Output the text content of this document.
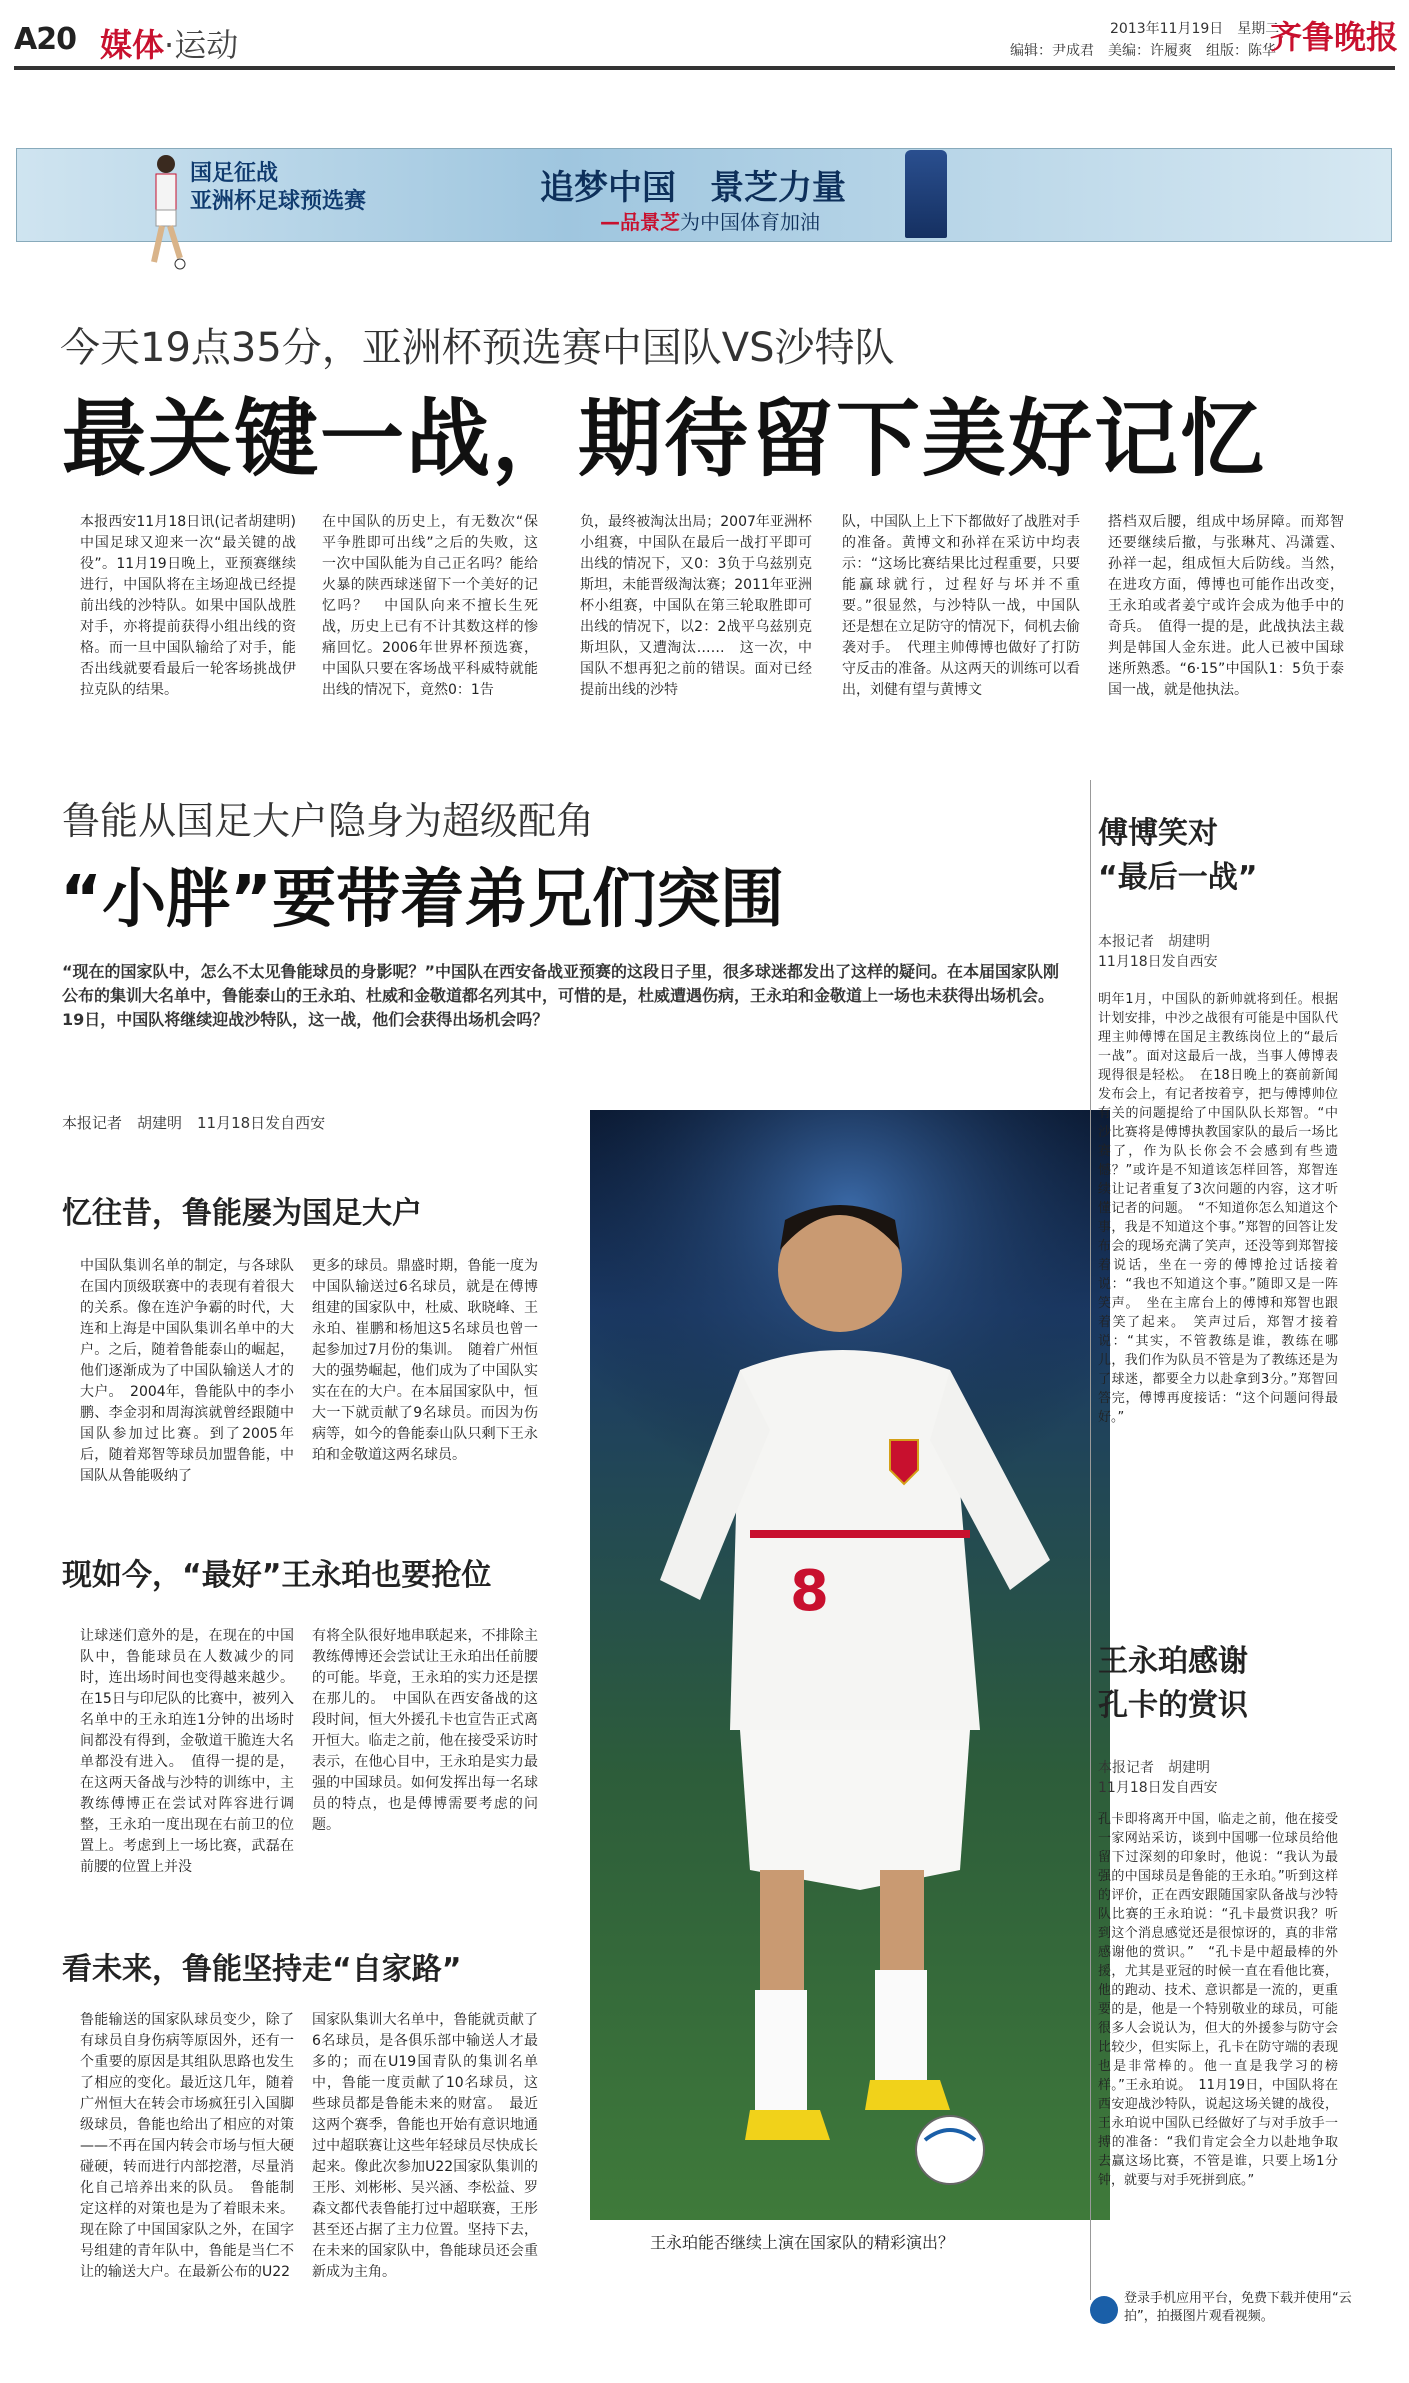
A20 媒体·运动	2013年11月19日　星期二
编辑：尹成君　美编：许履爽　组版：陈华
齐鲁晚报
国足征战
亚洲杯足球预选赛	追梦中国　景芝力量
—品景芝为中国体育加油
今天19点35分，亚洲杯预选赛中国队VS沙特队
最关键一战，期待留下美好记忆
本报西安11月18日讯(记者胡建明)　中国足球又迎来一次“最关键的战役”。11月19日晚上，亚预赛继续进行，中国队将在主场迎战已经提前出线的沙特队。如果中国队战胜对手，亦将提前获得小组出线的资格。而一旦中国队输给了对手，能否出线就要看最后一轮客场挑战伊拉克队的结果。
在中国队的历史上，有无数次“保平争胜即可出线”之后的失败，这一次中国队能为自己正名吗？能给火暴的陕西球迷留下一个美好的记忆吗？　中国队向来不擅长生死战，历史上已有不计其数这样的惨痛回忆。2006年世界杯预选赛，中国队只要在客场战平科威特就能出线的情况下，竟然0：1告
负，最终被淘汰出局；2007年亚洲杯小组赛，中国队在最后一战打平即可出线的情况下，又0：3负于乌兹别克斯坦，未能晋级淘汰赛；2011年亚洲杯小组赛，中国队在第三轮取胜即可出线的情况下，以2：2战平乌兹别克斯坦队，又遭淘汰……　这一次，中国队不想再犯之前的错误。面对已经提前出线的沙特
队，中国队上上下下都做好了战胜对手的准备。黄博文和孙祥在采访中均表示：“这场比赛结果比过程重要，只要能赢球就行，过程好与坏并不重要。”很显然，与沙特队一战，中国队还是想在立足防守的情况下，伺机去偷袭对手。　代理主帅傅博也做好了打防守反击的准备。从这两天的训练可以看出，刘健有望与黄博文
搭档双后腰，组成中场屏障。而郑智还要继续后撤，与张琳芃、冯潇霆、孙祥一起，组成恒大后防线。当然，在进攻方面，傅博也可能作出改变，王永珀或者姜宁或许会成为他手中的奇兵。　值得一提的是，此战执法主裁判是韩国人金东进。此人已被中国球迷所熟悉。“6·15”中国队1：5负于泰国一战，就是他执法。
鲁能从国足大户隐身为超级配角
“小胖”要带着弟兄们突围
“现在的国家队中，怎么不太见鲁能球员的身影呢？”中国队在西安备战亚预赛的这段日子里，很多球迷都发出了这样的疑问。在本届国家队刚公布的集训大名单中，鲁能泰山的王永珀、杜威和金敬道都名列其中，可惜的是，杜威遭遇伤病，王永珀和金敬道上一场也未获得出场机会。19日，中国队将继续迎战沙特队，这一战，他们会获得出场机会吗？
本报记者　胡建明　11月18日发自西安
忆往昔，鲁能屡为国足大户
中国队集训名单的制定，与各球队在国内顶级联赛中的表现有着很大的关系。像在连沪争霸的时代，大连和上海是中国队集训名单中的大户。之后，随着鲁能泰山的崛起，他们逐渐成为了中国队输送人才的大户。　2004年，鲁能队中的李小鹏、李金羽和周海滨就曾经跟随中国队参加过比赛。到了2005年后，随着郑智等球员加盟鲁能，中国队从鲁能吸纳了
更多的球员。鼎盛时期，鲁能一度为中国队输送过6名球员，就是在傅博组建的国家队中，杜威、耿晓峰、王永珀、崔鹏和杨旭这5名球员也曾一起参加过7月份的集训。　随着广州恒大的强势崛起，他们成为了中国队实实在在的大户。在本届国家队中，恒大一下就贡献了9名球员。而因为伤病等，如今的鲁能泰山队只剩下王永珀和金敬道这两名球员。
现如今，“最好”王永珀也要抢位
让球迷们意外的是，在现在的中国队中，鲁能球员在人数减少的同时，连出场时间也变得越来越少。在15日与印尼队的比赛中，被列入名单中的王永珀连1分钟的出场时间都没有得到，金敬道干脆连大名单都没有进入。　值得一提的是，在这两天备战与沙特的训练中，主教练傅博正在尝试对阵容进行调整，王永珀一度出现在右前卫的位置上。考虑到上一场比赛，武磊在前腰的位置上并没
有将全队很好地串联起来，不排除主教练傅博还会尝试让王永珀出任前腰的可能。毕竟，王永珀的实力还是摆在那儿的。　中国队在西安备战的这段时间，恒大外援孔卡也宣告正式离开恒大。临走之前，他在接受采访时表示，在他心目中，王永珀是实力最强的中国球员。如何发挥出每一名球员的特点，也是傅博需要考虑的问题。
看未来，鲁能坚持走“自家路”
鲁能输送的国家队球员变少，除了有球员自身伤病等原因外，还有一个重要的原因是其组队思路也发生了相应的变化。最近这几年，随着广州恒大在转会市场疯狂引入国脚级球员，鲁能也给出了相应的对策——不再在国内转会市场与恒大硬碰硬，转而进行内部挖潜，尽量消化自己培养出来的队员。　鲁能制定这样的对策也是为了着眼未来。现在除了中国国家队之外，在国字号组建的青年队中，鲁能是当仁不让的输送大户。在最新公布的U22
国家队集训大名单中，鲁能就贡献了6名球员，是各俱乐部中输送人才最多的；而在U19国青队的集训名单中，鲁能一度贡献了10名球员，这些球员都是鲁能未来的财富。　最近这两个赛季，鲁能也开始有意识地通过中超联赛让这些年轻球员尽快成长起来。像此次参加U22国家队集训的王彤、刘彬彬、吴兴涵、李松益、罗森文都代表鲁能打过中超联赛，王彤甚至还占据了主力位置。坚持下去，在未来的国家队中，鲁能球员还会重新成为主角。
8
王永珀能否继续上演在国家队的精彩演出？
傅博笑对
“最后一战”
本报记者　胡建明
11月18日发自西安
明年1月，中国队的新帅就将到任。根据计划安排，中沙之战很有可能是中国队代理主帅傅博在国足主教练岗位上的“最后一战”。面对这最后一战，当事人傅博表现得很是轻松。　在18日晚上的赛前新闻发布会上，有记者按着亨，把与傅博帅位有关的问题提给了中国队队长郑智。“中沙比赛将是傅博执教国家队的最后一场比赛了，作为队长你会不会感到有些遗憾？”或许是不知道该怎样回答，郑智连续让记者重复了3次问题的内容，这才听懂记者的问题。　“不知道你怎么知道这个事，我是不知道这个事。”郑智的回答让发布会的现场充满了笑声，还没等到郑智接着说话，坐在一旁的傅博抢过话接着说：“我也不知道这个事。”随即又是一阵笑声。　坐在主席台上的傅博和郑智也跟着笑了起来。　笑声过后，郑智才接着说：“其实，不管教练是谁，教练在哪儿，我们作为队员不管是为了教练还是为了球迷，都要全力以赴拿到3分。”郑智回答完，傅博再度接话：“这个问题问得最好。”
王永珀感谢
孔卡的赏识
本报记者　胡建明
11月18日发自西安
孔卡即将离开中国，临走之前，他在接受一家网站采访，谈到中国哪一位球员给他留下过深刻的印象时，他说：“我认为最强的中国球员是鲁能的王永珀。”听到这样的评价，正在西安跟随国家队备战与沙特队比赛的王永珀说：“孔卡最赏识我？听到这个消息感觉还是很惊讶的，真的非常感谢他的赏识。”　“孔卡是中超最棒的外援，尤其是亚冠的时候一直在看他比赛，他的跑动、技术、意识都是一流的，更重要的是，他是一个特别敬业的球员，可能很多人会说认为，但大的外援参与防守会比较少，但实际上，孔卡在防守端的表现也是非常棒的。他一直是我学习的榜样。”王永珀说。　11月19日，中国队将在西安迎战沙特队，说起这场关键的战役，王永珀说中国队已经做好了与对手放手一搏的准备：“我们肯定会全力以赴地争取去赢这场比赛，不管是谁，只要上场1分钟，就要与对手死拼到底。”
登录手机应用平台，免费下载并使用“云拍”，拍摄图片观看视频。
